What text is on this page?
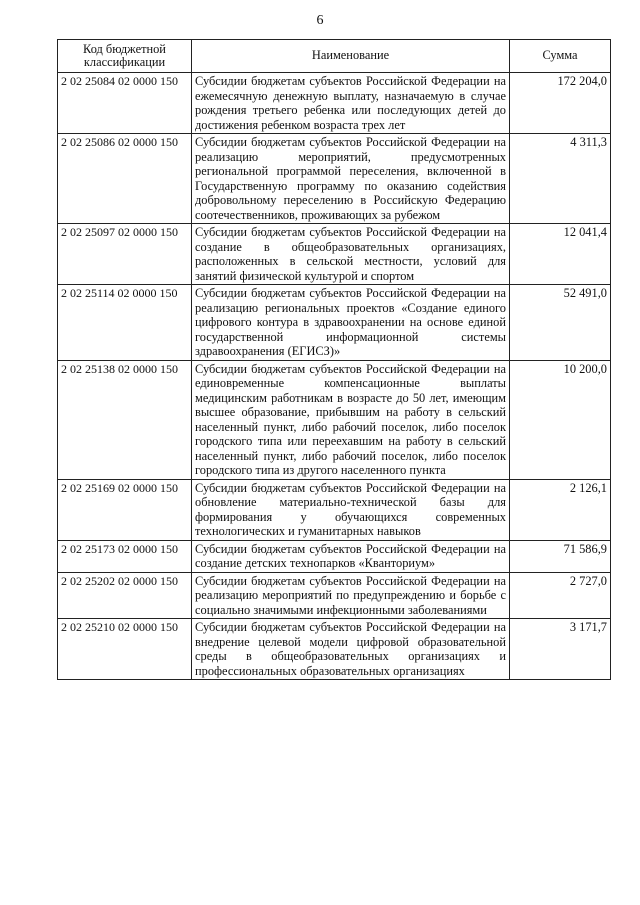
6
Код бюджетной классификации	Наименование	Сумма
2 02 25084 02 0000 150	Субсидии бюджетам субъектов Российской Федерации на ежемесячную денежную выплату, назначаемую в случае рождения третьего ребенка или последующих детей до достижения ребенком возраста трех лет	172 204,0
2 02 25086 02 0000 150	Субсидии бюджетам субъектов Российской Федерации на реализацию мероприятий, предусмотренных региональной программой переселения, включенной в Государственную программу по оказанию содействия добровольному переселению в Российскую Федерацию соотечественников, проживающих за рубежом	4 311,3
2 02 25097 02 0000 150	Субсидии бюджетам субъектов Российской Федерации на создание в общеобразовательных организациях, расположенных в сельской местности, условий для занятий физической культурой и спортом	12 041,4
2 02 25114 02 0000 150	Субсидии бюджетам субъектов Российской Федерации на реализацию региональных проектов «Создание единого цифрового контура в здравоохранении на основе единой государственной информационной системы здравоохранения (ЕГИСЗ)»	52 491,0
2 02 25138 02 0000 150	Субсидии бюджетам субъектов Российской Федерации на единовременные компенсационные выплаты медицинским работникам в возрасте до 50 лет, имеющим высшее образование, прибывшим на работу в сельский населенный пункт, либо рабочий поселок, либо поселок городского типа или переехавшим на работу в сельский населенный пункт, либо рабочий поселок, либо поселок городского типа из другого населенного пункта	10 200,0
2 02 25169 02 0000 150	Субсидии бюджетам субъектов Российской Федерации на обновление материально-технической базы для формирования у обучающихся современных технологических и гуманитарных навыков	2 126,1
2 02 25173 02 0000 150	Субсидии бюджетам субъектов Российской Федерации на создание детских технопарков «Кванториум»	71 586,9
2 02 25202 02 0000 150	Субсидии бюджетам субъектов Российской Федерации на реализацию мероприятий по предупреждению и борьбе с социально значимыми инфекционными заболеваниями	2 727,0
2 02 25210 02 0000 150	Субсидии бюджетам субъектов Российской Федерации на внедрение целевой модели цифровой образовательной среды в общеобразовательных организациях и профессиональных образовательных организациях	3 171,7
